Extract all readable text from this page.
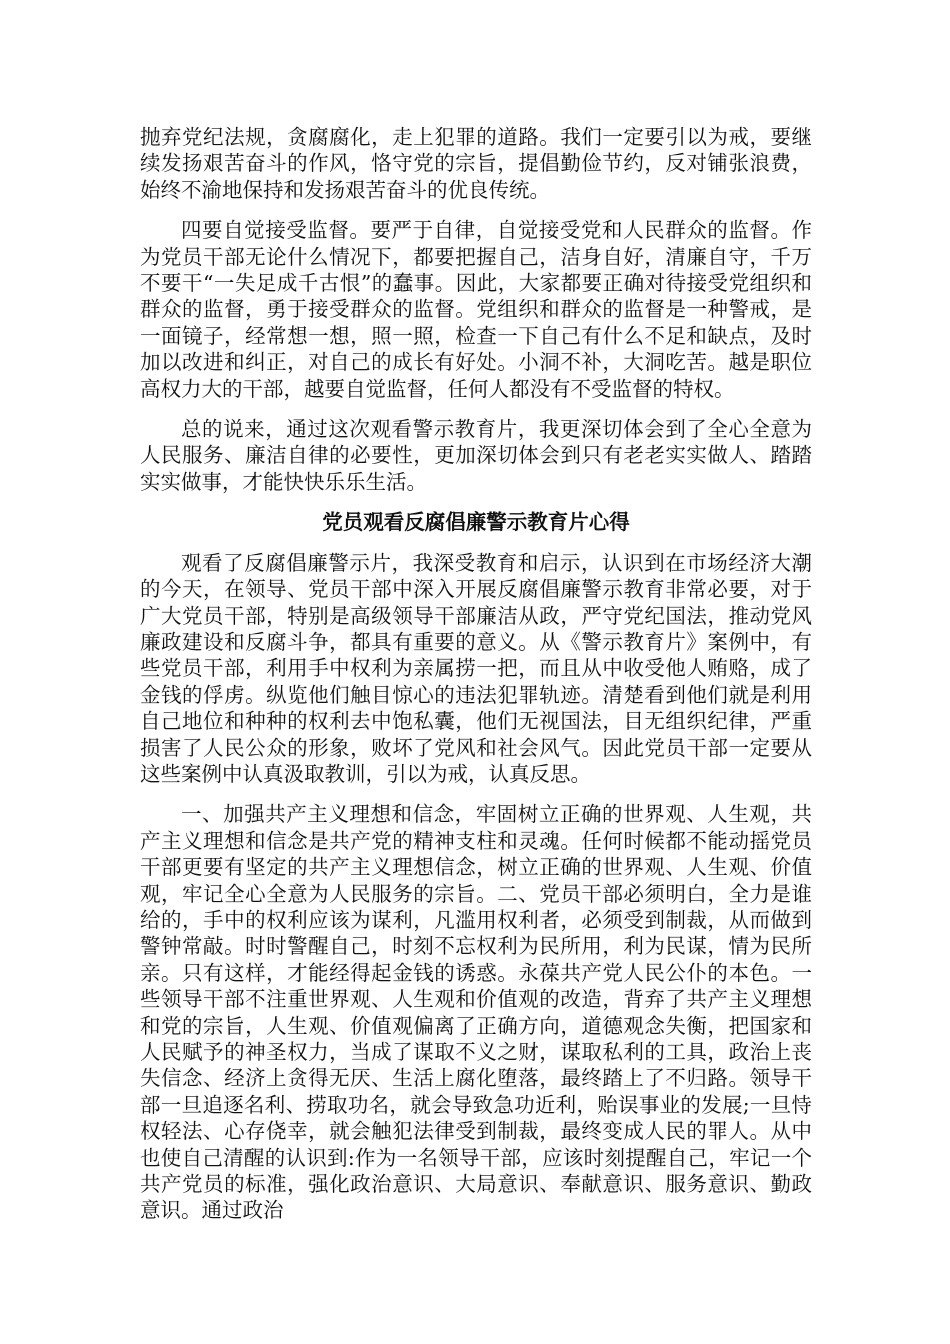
抛弃党纪法规，贪腐腐化，走上犯罪的道路。我们一定要引以为戒，要继续发扬艰苦奋斗的作风，恪守党的宗旨，提倡勤俭节约，反对铺张浪费，始终不渝地保持和发扬艰苦奋斗的优良传统。

四要自觉接受监督。要严于自律，自觉接受党和人民群众的监督。作为党员干部无论什么情况下，都要把握自己，洁身自好，清廉自守，千万不要干“一失足成千古恨”的蠢事。因此，大家都要正确对待接受党组织和群众的监督，勇于接受群众的监督。党组织和群众的监督是一种警戒，是一面镜子，经常想一想，照一照，检查一下自己有什么不足和缺点，及时加以改进和纠正，对自己的成长有好处。小洞不补，大洞吃苦。越是职位高权力大的干部，越要自觉监督，任何人都没有不受监督的特权。

总的说来，通过这次观看警示教育片，我更深切体会到了全心全意为人民服务、廉洁自律的必要性，更加深切体会到只有老老实实做人、踏踏实实做事，才能快快乐乐生活。

党员观看反腐倡廉警示教育片心得

观看了反腐倡廉警示片，我深受教育和启示，认识到在市场经济大潮的今天，在领导、党员干部中深入开展反腐倡廉警示教育非常必要，对于广大党员干部，特别是高级领导干部廉洁从政，严守党纪国法，推动党风廉政建设和反腐斗争，都具有重要的意义。从《警示教育片》案例中，有些党员干部，利用手中权利为亲属捞一把，而且从中收受他人贿赂，成了金钱的俘虏。纵览他们触目惊心的违法犯罪轨迹。清楚看到他们就是利用自己地位和种种的权利去中饱私囊，他们无视国法，目无组织纪律，严重损害了人民公众的形象，败坏了党风和社会风气。因此党员干部一定要从这些案例中认真汲取教训，引以为戒，认真反思。

一、加强共产主义理想和信念，牢固树立正确的世界观、人生观，共产主义理想和信念是共产党的精神支柱和灵魂。任何时候都不能动摇党员干部更要有坚定的共产主义理想信念，树立正确的世界观、人生观、价值观，牢记全心全意为人民服务的宗旨。二、党员干部必须明白，全力是谁给的，手中的权利应该为谋利，凡滥用权利者，必须受到制裁，从而做到警钟常敲。时时警醒自己，时刻不忘权利为民所用，利为民谋，情为民所亲。只有这样，才能经得起金钱的诱惑。永葆共产党人民公仆的本色。一些领导干部不注重世界观、人生观和价值观的改造，背弃了共产主义理想和党的宗旨，人生观、价值观偏离了正确方向，道德观念失衡，把国家和人民赋予的神圣权力，当成了谋取不义之财，谋取私利的工具，政治上丧失信念、经济上贪得无厌、生活上腐化堕落，最终踏上了不归路。领导干部一旦追逐名利、捞取功名，就会导致急功近利，贻误事业的发展;一旦恃权轻法、心存侥幸，就会触犯法律受到制裁，最终变成人民的罪人。从中也使自己清醒的认识到:作为一名领导干部，应该时刻提醒自己，牢记一个共产党员的标准，强化政治意识、大局意识、奉献意识、服务意识、勤政意识。通过政治
